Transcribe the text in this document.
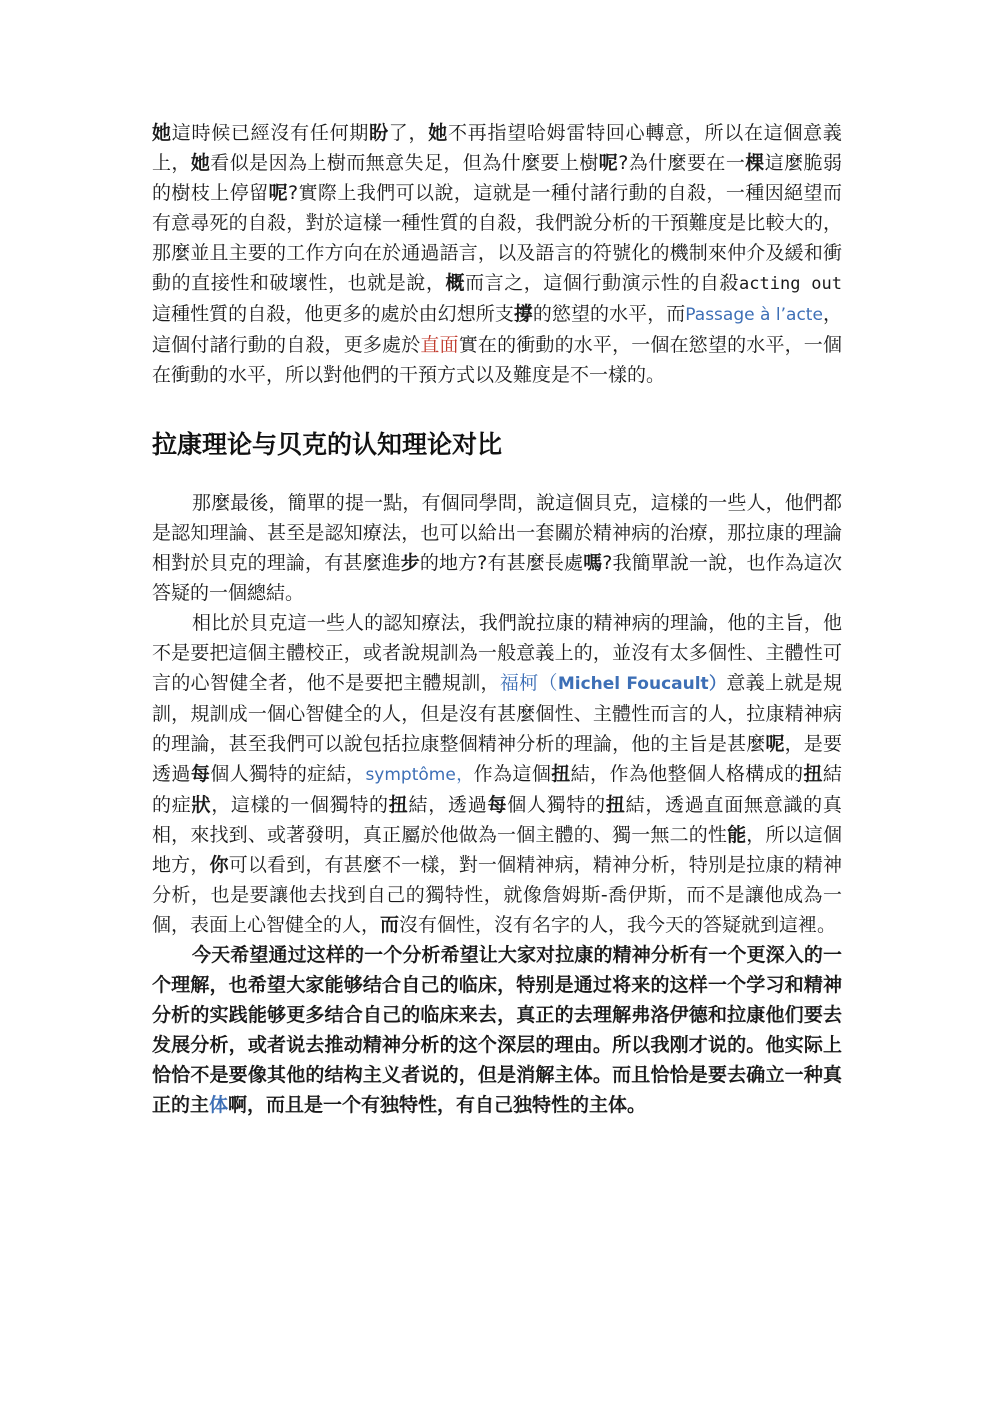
她這時候已經沒有任何期盼了，她不再指望哈姆雷特回心轉意，所以在這個意義上，她看似是因為上樹而無意失足，但為什麼要上樹呢?為什麼要在一棵這麼脆弱的樹枝上停留呢?實際上我們可以說，這就是一種付諸行動的自殺，一種因絕望而有意尋死的自殺，對於這樣一種性質的自殺，我們說分析的干預難度是比較大的，那麼並且主要的工作方向在於通過語言，以及語言的符號化的機制來仲介及緩和衝動的直接性和破壞性，也就是說，概而言之，這個行動演示性的自殺acting out 這種性質的自殺，他更多的處於由幻想所支撐的慾望的水平，而Passage à l’acte，這個付諸行動的自殺，更多處於直面實在的衝動的水平，一個在慾望的水平，一個在衝動的水平，所以對他們的干預方式以及難度是不一樣的。

拉康理论与贝克的认知理论对比

那麼最後，簡單的提一點，有個同學問，說這個貝克，這樣的一些人，他們都是認知理論、甚至是認知療法，也可以給出一套關於精神病的治療，那拉康的理論相對於貝克的理論，有甚麼進步的地方?有甚麼長處嗎?我簡單說一說，也作為這次答疑的一個總結。

相比於貝克這一些人的認知療法，我們說拉康的精神病的理論，他的主旨，他不是要把這個主體校正，或者說規訓為一般意義上的，並沒有太多個性、主體性可言的心智健全者，他不是要把主體規訓，福柯（Michel Foucault）意義上就是規訓，規訓成一個心智健全的人，但是沒有甚麼個性、主體性而言的人，拉康精神病的理論，甚至我們可以說包括拉康整個精神分析的理論，他的主旨是甚麼呢，是要透過每個人獨特的症結，symptôme，作為這個扭結，作為他整個人格構成的扭結的症狀，這樣的一個獨特的扭結，透過每個人獨特的扭結，透過直面無意識的真相，來找到、或著發明，真正屬於他做為一個主體的、獨一無二的性能，所以這個地方，你可以看到，有甚麼不一樣，對一個精神病，精神分析，特別是拉康的精神分析，也是要讓他去找到自己的獨特性，就像詹姆斯-喬伊斯，而不是讓他成為一個，表面上心智健全的人，而沒有個性，沒有名字的人，我今天的答疑就到這裡。

今天希望通过这样的一个分析希望让大家对拉康的精神分析有一个更深入的一个理解，也希望大家能够结合自己的临床，特别是通过将来的这样一个学习和精神分析的实践能够更多结合自己的临床来去，真正的去理解弗洛伊德和拉康他们要去发展分析，或者说去推动精神分析的这个深层的理由。所以我刚才说的。他实际上恰恰不是要像其他的结构主义者说的，但是消解主体。而且恰恰是要去确立一种真正的主体啊，而且是一个有独特性，有自己独特性的主体。
